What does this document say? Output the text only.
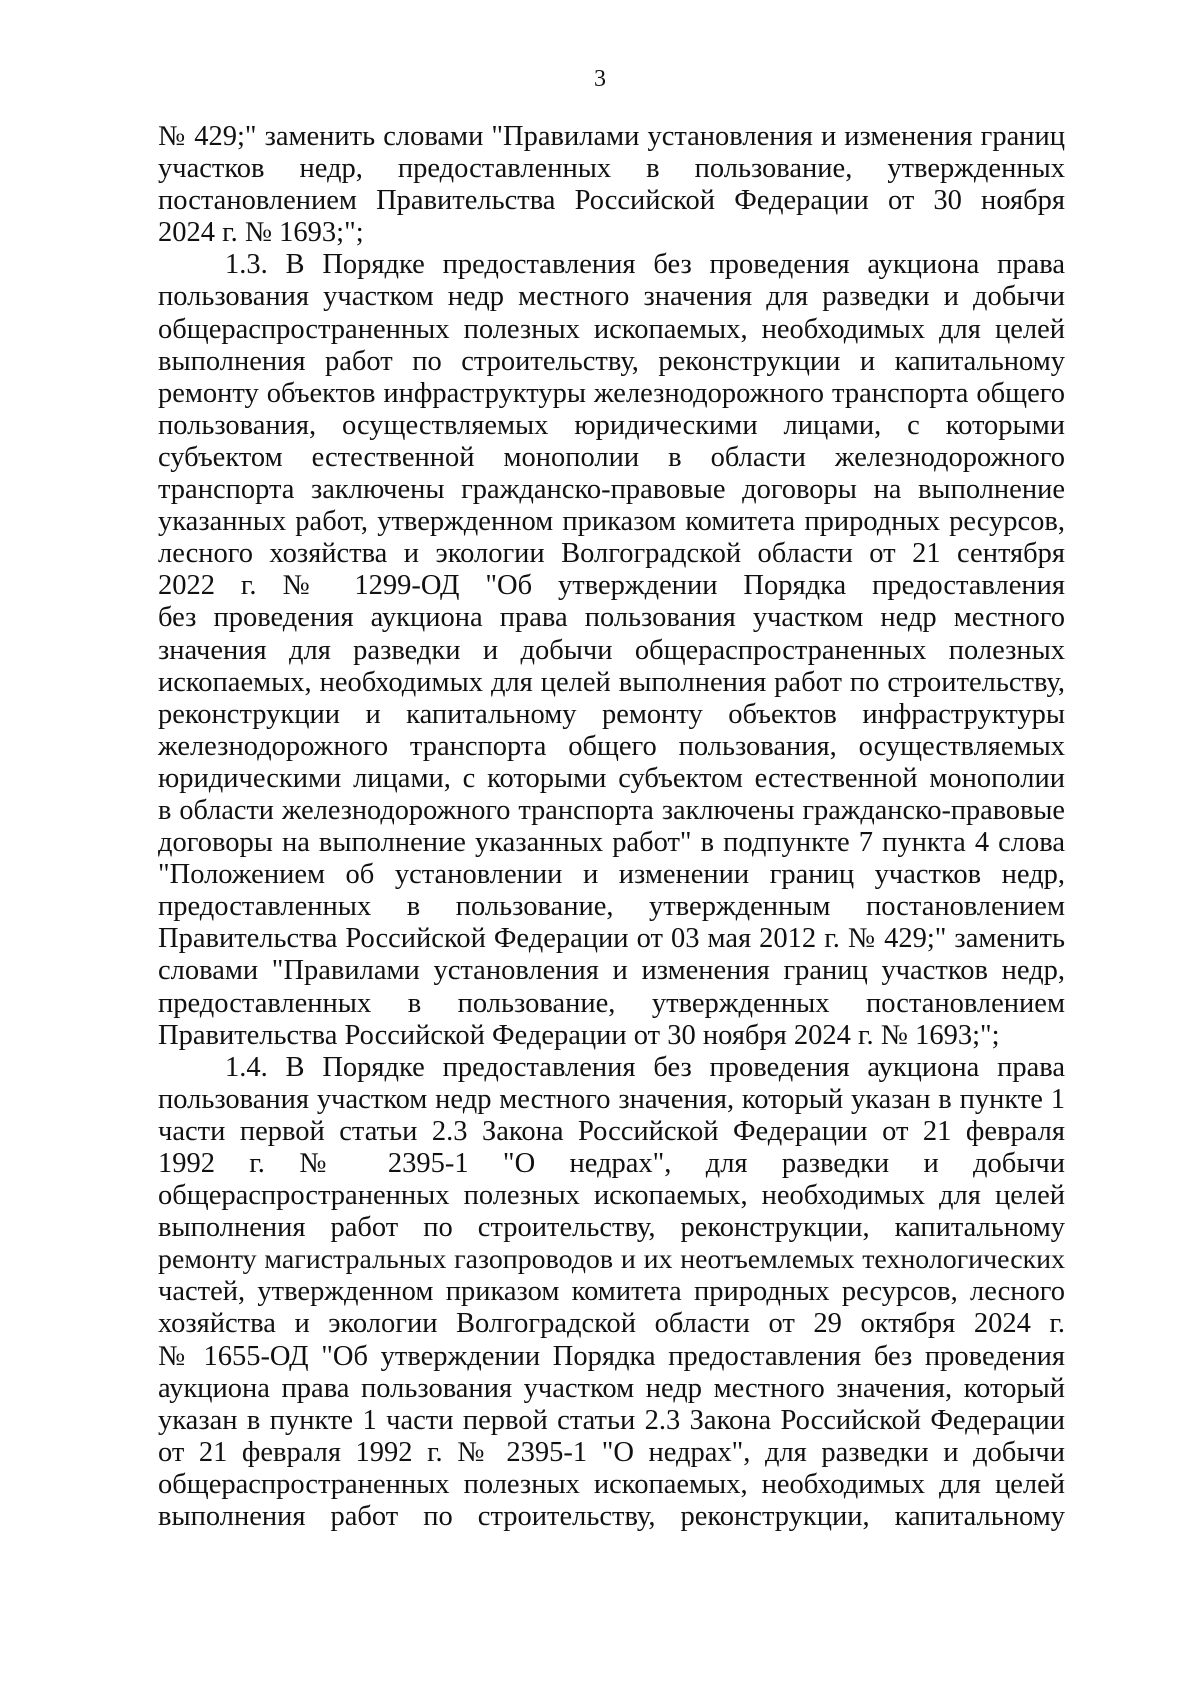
3
№ 429;" заменить словами "Правилами установления и изменения границ
участков недр, предоставленных в пользование, утвержденных
постановлением Правительства Российской Федерации от 30 ноября
2024 г. № 1693;";
1.3. В Порядке предоставления без проведения аукциона права
пользования участком недр местного значения для разведки и добычи
общераспространенных полезных ископаемых, необходимых для целей
выполнения работ по строительству, реконструкции и капитальному
ремонту объектов инфраструктуры железнодорожного транспорта общего
пользования, осуществляемых юридическими лицами, с которыми
субъектом естественной монополии в области железнодорожного
транспорта заключены гражданско-правовые договоры на выполнение
указанных работ, утвержденном приказом комитета природных ресурсов,
лесного хозяйства и экологии Волгоградской области от 21 сентября
2022 г. № 1299-ОД "Об утверждении Порядка предоставления
без проведения аукциона права пользования участком недр местного
значения для разведки и добычи общераспространенных полезных
ископаемых, необходимых для целей выполнения работ по строительству,
реконструкции и капитальному ремонту объектов инфраструктуры
железнодорожного транспорта общего пользования, осуществляемых
юридическими лицами, с которыми субъектом естественной монополии
в области железнодорожного транспорта заключены гражданско-правовые
договоры на выполнение указанных работ" в подпункте 7 пункта 4 слова
"Положением об установлении и изменении границ участков недр,
предоставленных в пользование, утвержденным постановлением
Правительства Российской Федерации от 03 мая 2012 г. № 429;" заменить
словами "Правилами установления и изменения границ участков недр,
предоставленных в пользование, утвержденных постановлением
Правительства Российской Федерации от 30 ноября 2024 г. № 1693;";
1.4. В Порядке предоставления без проведения аукциона права
пользования участком недр местного значения, который указан в пункте 1
части первой статьи 2.3 Закона Российской Федерации от 21 февраля
1992 г. № 2395-1 "О недрах", для разведки и добычи
общераспространенных полезных ископаемых, необходимых для целей
выполнения работ по строительству, реконструкции, капитальному
ремонту магистральных газопроводов и их неотъемлемых технологических
частей, утвержденном приказом комитета природных ресурсов, лесного
хозяйства и экологии Волгоградской области от 29 октября 2024 г.
№ 1655-ОД "Об утверждении Порядка предоставления без проведения
аукциона права пользования участком недр местного значения, который
указан в пункте 1 части первой статьи 2.3 Закона Российской Федерации
от 21 февраля 1992 г. № 2395-1 "О недрах", для разведки и добычи
общераспространенных полезных ископаемых, необходимых для целей
выполнения работ по строительству, реконструкции, капитальному
